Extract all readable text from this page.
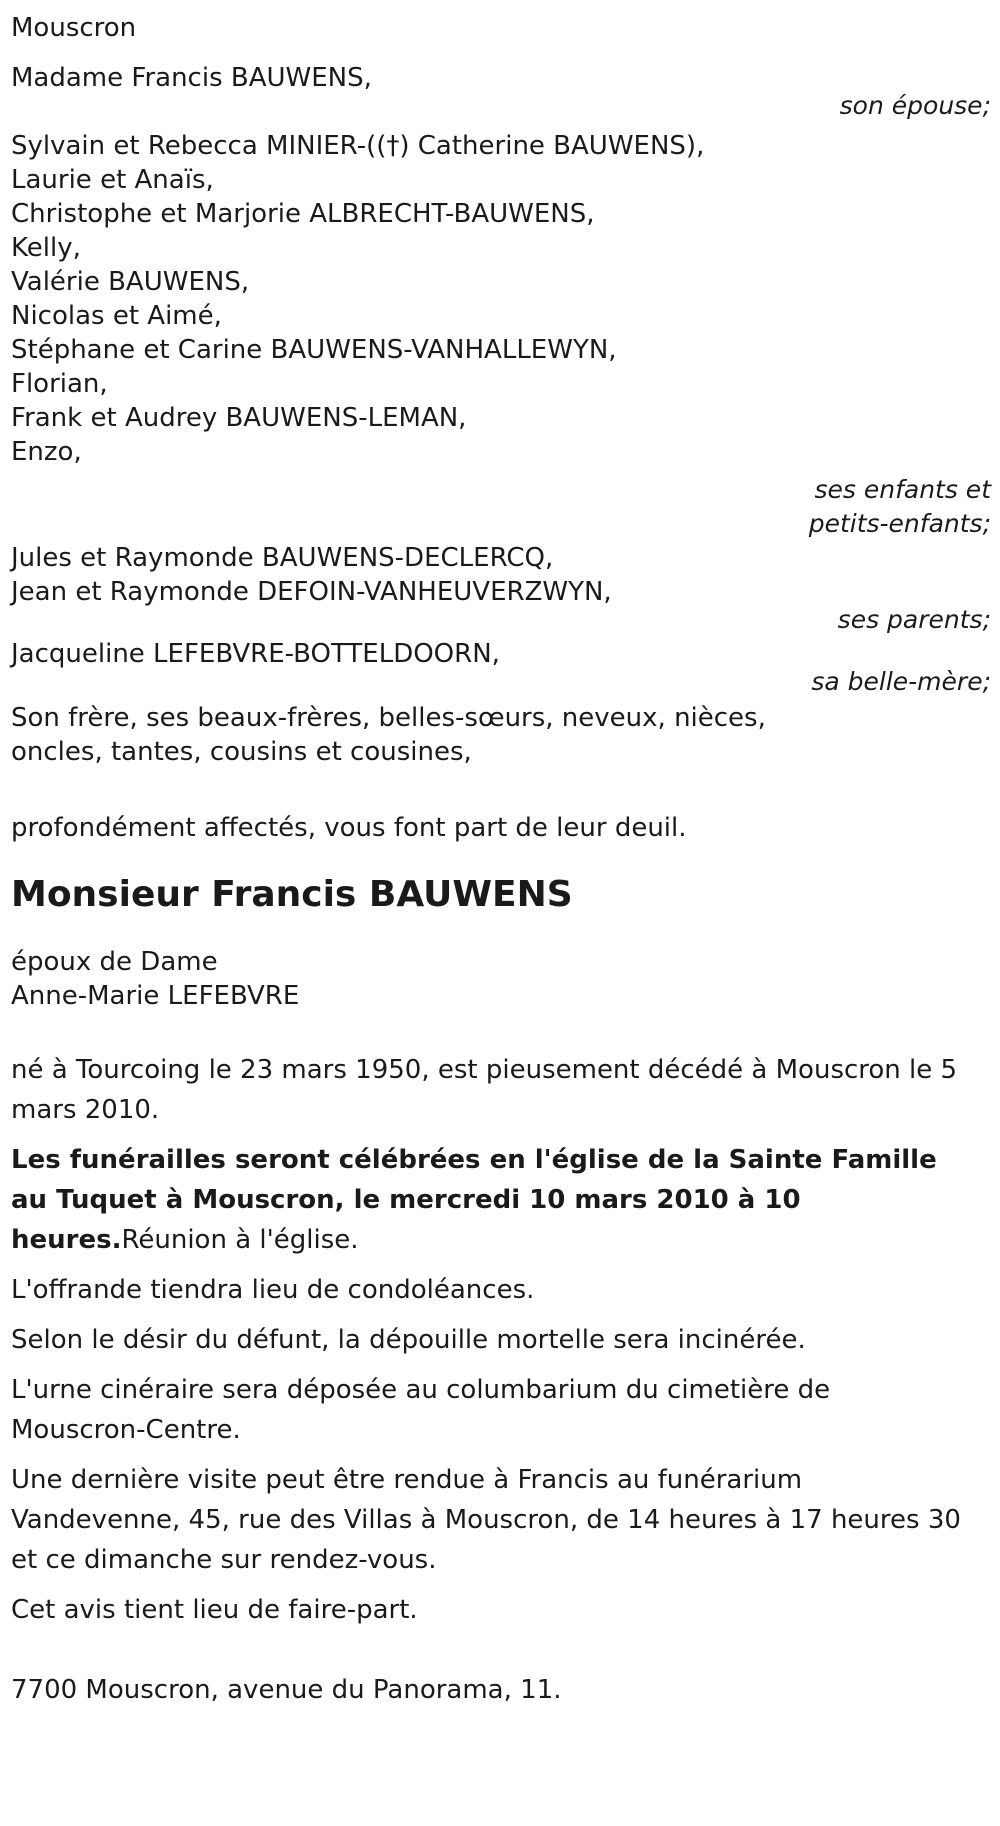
Mouscron

Madame Francis BAUWENS,

son épouse;

Sylvain et Rebecca MINIER-((†) Catherine BAUWENS),

Laurie et Anaïs,

Christophe et Marjorie ALBRECHT-BAUWENS,

Kelly,

Valérie BAUWENS,

Nicolas et Aimé,

Stéphane et Carine BAUWENS-VANHALLEWYN,

Florian,

Frank et Audrey BAUWENS-LEMAN,

Enzo,

ses enfants et

petits-enfants;

Jules et Raymonde BAUWENS-DECLERCQ,

Jean et Raymonde DEFOIN-VANHEUVERZWYN,

ses parents;

Jacqueline LEFEBVRE-BOTTELDOORN,

sa belle-mère;

Son frère, ses beaux-frères, belles-sœurs, neveux, nièces,

oncles, tantes, cousins et cousines,

profondément affectés, vous font part de leur deuil.

Monsieur Francis BAUWENS

époux de Dame

Anne-Marie LEFEBVRE

né à Tourcoing le 23 mars 1950, est pieusement décédé à Mouscron le 5 mars 2010.

Les funérailles seront célébrées en l'église de la Sainte Famille au Tuquet à Mouscron, le mercredi 10 mars 2010 à 10 heures.Réunion à l'église.

L'offrande tiendra lieu de condoléances.

Selon le désir du défunt, la dépouille mortelle sera incinérée.

L'urne cinéraire sera déposée au columbarium du cimetière de Mouscron-Centre.

Une dernière visite peut être rendue à Francis au funérarium Vandevenne, 45, rue des Villas à Mouscron, de 14 heures à 17 heures 30 et ce dimanche sur rendez-vous.

Cet avis tient lieu de faire-part.

7700 Mouscron, avenue du Panorama, 11.
